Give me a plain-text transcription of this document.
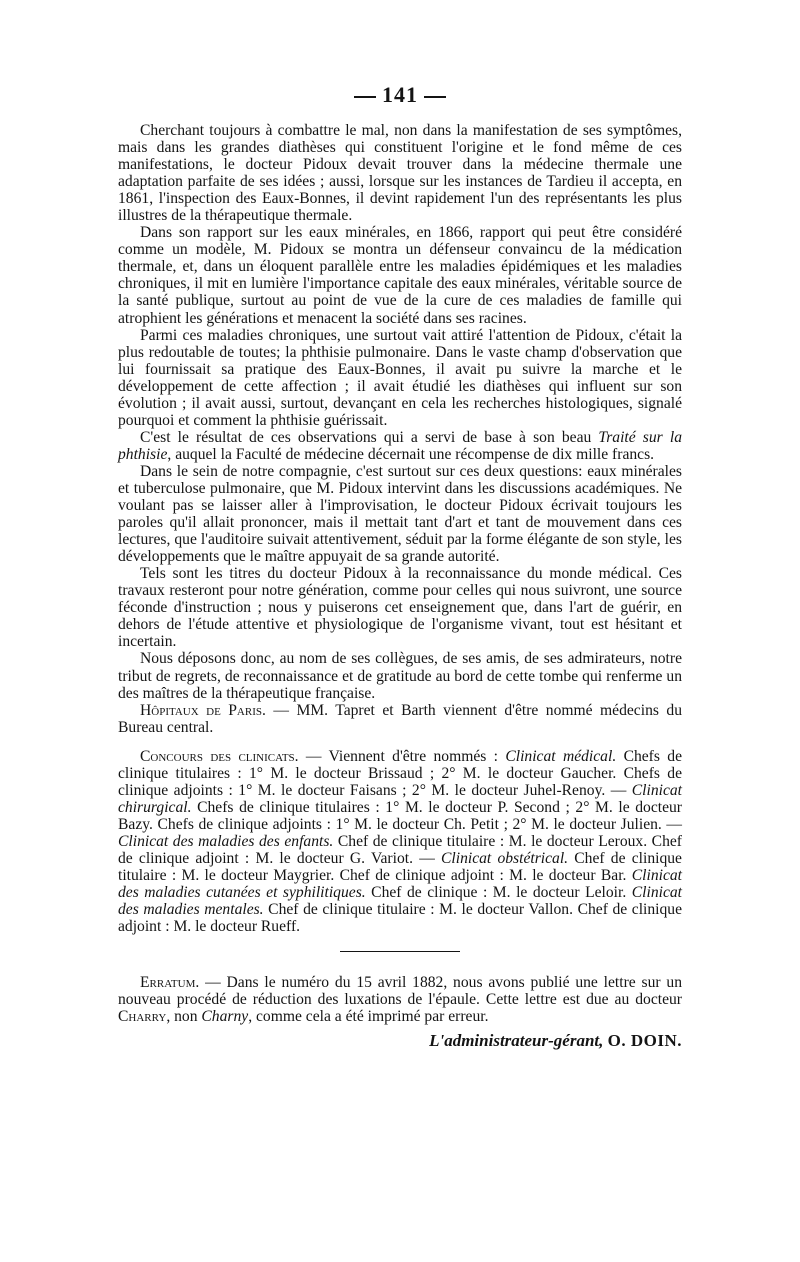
141

Cherchant toujours à combattre le mal, non dans la manifestation de ses symptômes, mais dans les grandes diathèses qui constituent l'origine et le fond même de ces manifestations, le docteur Pidoux devait trouver dans la médecine thermale une adaptation parfaite de ses idées ; aussi, lorsque sur les instances de Tardieu il accepta, en 1861, l'inspection des Eaux-Bonnes, il devint rapidement l'un des représentants les plus illustres de la thérapeutique thermale.

Dans son rapport sur les eaux minérales, en 1866, rapport qui peut être considéré comme un modèle, M. Pidoux se montra un défenseur convaincu de la médication thermale, et, dans un éloquent parallèle entre les maladies épidémiques et les maladies chroniques, il mit en lumière l'importance capitale des eaux minérales, véritable source de la santé publique, surtout au point de vue de la cure de ces maladies de famille qui atrophient les générations et menacent la société dans ses racines.

Parmi ces maladies chroniques, une surtout vait attiré l'attention de Pidoux, c'était la plus redoutable de toutes; la phthisie pulmonaire. Dans le vaste champ d'observation que lui fournissait sa pratique des Eaux-Bonnes, il avait pu suivre la marche et le développement de cette affection ; il avait étudié les diathèses qui influent sur son évolution ; il avait aussi, surtout, devançant en cela les recherches histologiques, signalé pourquoi et comment la phthisie guérissait.

C'est le résultat de ces observations qui a servi de base à son beau Traité sur la phthisie, auquel la Faculté de médecine décernait une récompense de dix mille francs.

Dans le sein de notre compagnie, c'est surtout sur ces deux questions: eaux minérales et tuberculose pulmonaire, que M. Pidoux intervint dans les discussions académiques. Ne voulant pas se laisser aller à l'improvisation, le docteur Pidoux écrivait toujours les paroles qu'il allait prononcer, mais il mettait tant d'art et tant de mouvement dans ces lectures, que l'auditoire suivait attentivement, séduit par la forme élégante de son style, les développements que le maître appuyait de sa grande autorité.

Tels sont les titres du docteur Pidoux à la reconnaissance du monde médical. Ces travaux resteront pour notre génération, comme pour celles qui nous suivront, une source féconde d'instruction ; nous y puiserons cet enseignement que, dans l'art de guérir, en dehors de l'étude attentive et physiologique de l'organisme vivant, tout est hésitant et incertain.

Nous déposons donc, au nom de ses collègues, de ses amis, de ses admirateurs, notre tribut de regrets, de reconnaissance et de gratitude au bord de cette tombe qui renferme un des maîtres de la thérapeutique française.

Hôpitaux de Paris. — MM. Tapret et Barth viennent d'être nommé médecins du Bureau central.

Concours des clinicats. — Viennent d'être nommés : Clinicat médical. Chefs de clinique titulaires : 1° M. le docteur Brissaud ; 2° M. le docteur Gaucher. Chefs de clinique adjoints : 1° M. le docteur Faisans ; 2° M. le docteur Juhel-Renoy. — Clinicat chirurgical. Chefs de clinique titulaires : 1° M. le docteur P. Second ; 2° M. le docteur Bazy. Chefs de clinique adjoints : 1° M. le docteur Ch. Petit ; 2° M. le docteur Julien. — Clinicat des maladies des enfants. Chef de clinique titulaire : M. le docteur Leroux. Chef de clinique adjoint : M. le docteur G. Variot. — Clinicat obstétrical. Chef de clinique titulaire : M. le docteur Maygrier. Chef de clinique adjoint : M. le docteur Bar. Clinicat des maladies cutanées et syphilitiques. Chef de clinique : M. le docteur Leloir. Clinicat des maladies mentales. Chef de clinique titulaire : M. le docteur Vallon. Chef de clinique adjoint : M. le docteur Rueff.

Erratum. — Dans le numéro du 15 avril 1882, nous avons publié une lettre sur un nouveau procédé de réduction des luxations de l'épaule. Cette lettre est due au docteur Charry, non Charny, comme cela a été imprimé par erreur.

L'administrateur-gérant, O. DOIN.
